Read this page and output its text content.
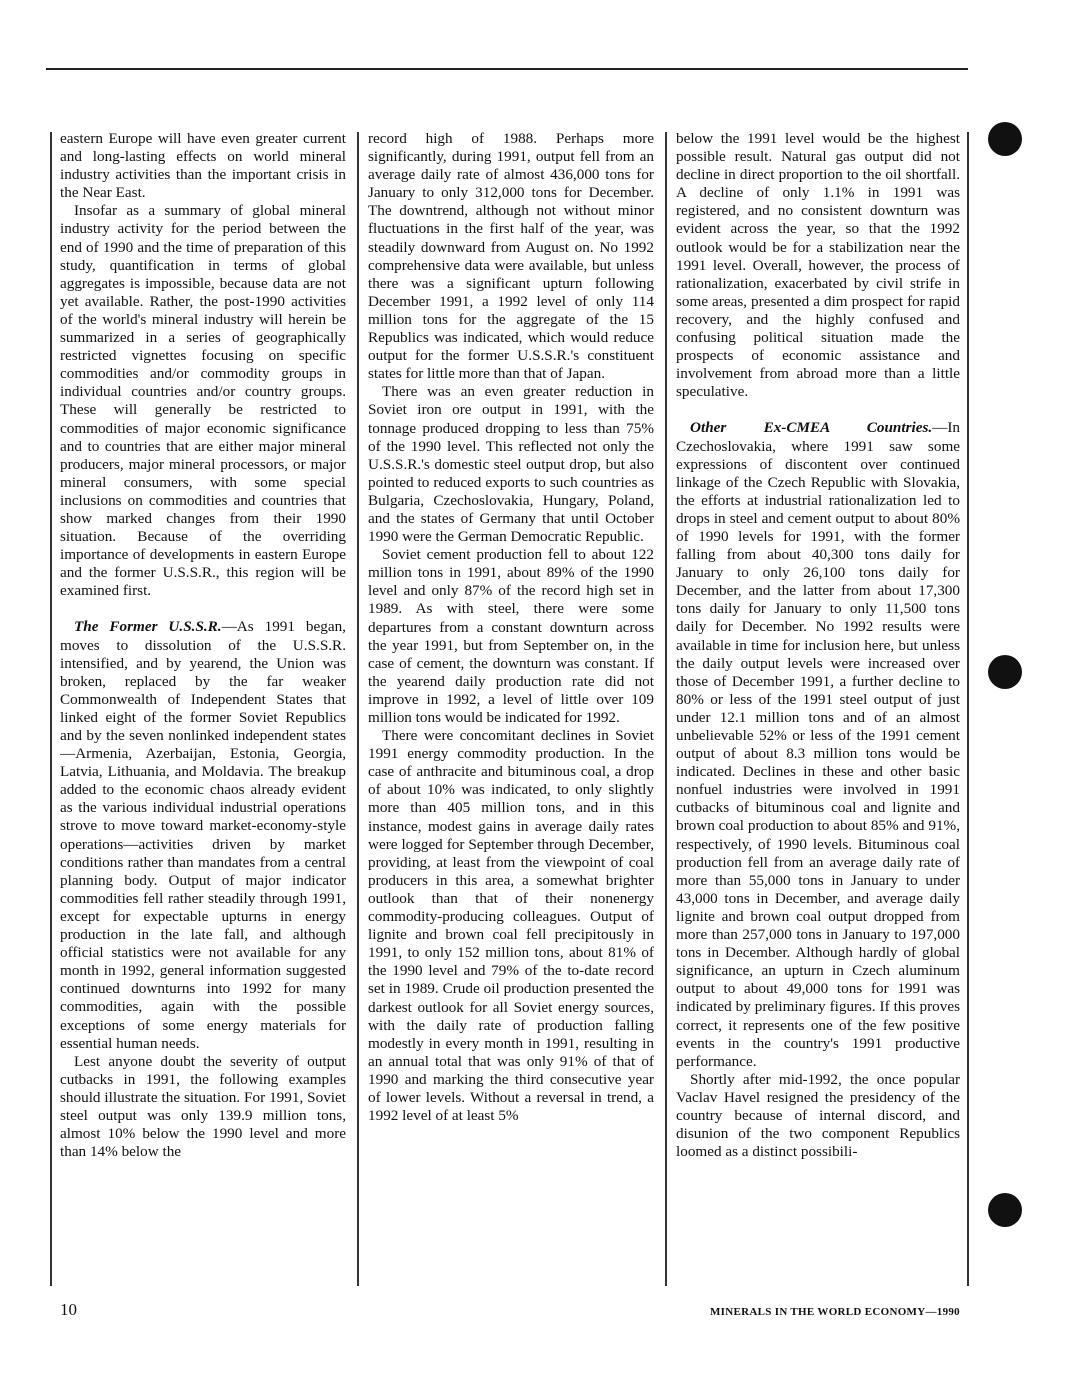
eastern Europe will have even greater current and long-lasting effects on world mineral industry activities than the important crisis in the Near East.

Insofar as a summary of global mineral industry activity for the period between the end of 1990 and the time of preparation of this study, quantification in terms of global aggregates is impossible, because data are not yet available. Rather, the post-1990 activities of the world's mineral industry will herein be summarized in a series of geographically restricted vignettes focusing on specific commodities and/or commodity groups in individual countries and/or country groups. These will generally be restricted to commodities of major economic significance and to countries that are either major mineral producers, major mineral processors, or major mineral consumers, with some special inclusions on commodities and countries that show marked changes from their 1990 situation. Because of the overriding importance of developments in eastern Europe and the former U.S.S.R., this region will be examined first.

The Former U.S.S.R.—As 1991 began, moves to dissolution of the U.S.S.R. intensified, and by yearend, the Union was broken, replaced by the far weaker Commonwealth of Independent States that linked eight of the former Soviet Republics and by the seven nonlinked independent states—Armenia, Azerbaijan, Estonia, Georgia, Latvia, Lithuania, and Moldavia. The breakup added to the economic chaos already evident as the various individual industrial operations strove to move toward market-economy-style operations—activities driven by market conditions rather than mandates from a central planning body. Output of major indicator commodities fell rather steadily through 1991, except for expectable upturns in energy production in the late fall, and although official statistics were not available for any month in 1992, general information suggested continued downturns into 1992 for many commodities, again with the possible exceptions of some energy materials for essential human needs.

Lest anyone doubt the severity of output cutbacks in 1991, the following examples should illustrate the situation. For 1991, Soviet steel output was only 139.9 million tons, almost 10% below the 1990 level and more than 14% below the

record high of 1988. Perhaps more significantly, during 1991, output fell from an average daily rate of almost 436,000 tons for January to only 312,000 tons for December. The downtrend, although not without minor fluctuations in the first half of the year, was steadily downward from August on. No 1992 comprehensive data were available, but unless there was a significant upturn following December 1991, a 1992 level of only 114 million tons for the aggregate of the 15 Republics was indicated, which would reduce output for the former U.S.S.R.'s constituent states for little more than that of Japan.

There was an even greater reduction in Soviet iron ore output in 1991, with the tonnage produced dropping to less than 75% of the 1990 level. This reflected not only the U.S.S.R.'s domestic steel output drop, but also pointed to reduced exports to such countries as Bulgaria, Czechoslovakia, Hungary, Poland, and the states of Germany that until October 1990 were the German Democratic Republic.

Soviet cement production fell to about 122 million tons in 1991, about 89% of the 1990 level and only 87% of the record high set in 1989. As with steel, there were some departures from a constant downturn across the year 1991, but from September on, in the case of cement, the downturn was constant. If the yearend daily production rate did not improve in 1992, a level of little over 109 million tons would be indicated for 1992.

There were concomitant declines in Soviet 1991 energy commodity production. In the case of anthracite and bituminous coal, a drop of about 10% was indicated, to only slightly more than 405 million tons, and in this instance, modest gains in average daily rates were logged for September through December, providing, at least from the viewpoint of coal producers in this area, a somewhat brighter outlook than that of their nonenergy commodity-producing colleagues. Output of lignite and brown coal fell precipitously in 1991, to only 152 million tons, about 81% of the 1990 level and 79% of the to-date record set in 1989. Crude oil production presented the darkest outlook for all Soviet energy sources, with the daily rate of production falling modestly in every month in 1991, resulting in an annual total that was only 91% of that of 1990 and marking the third consecutive year of lower levels. Without a reversal in trend, a 1992 level of at least 5%

below the 1991 level would be the highest possible result. Natural gas output did not decline in direct proportion to the oil shortfall. A decline of only 1.1% in 1991 was registered, and no consistent downturn was evident across the year, so that the 1992 outlook would be for a stabilization near the 1991 level. Overall, however, the process of rationalization, exacerbated by civil strife in some areas, presented a dim prospect for rapid recovery, and the highly confused and confusing political situation made the prospects of economic assistance and involvement from abroad more than a little speculative.

Other Ex-CMEA Countries.—In Czechoslovakia, where 1991 saw some expressions of discontent over continued linkage of the Czech Republic with Slovakia, the efforts at industrial rationalization led to drops in steel and cement output to about 80% of 1990 levels for 1991, with the former falling from about 40,300 tons daily for January to only 26,100 tons daily for December, and the latter from about 17,300 tons daily for January to only 11,500 tons daily for December. No 1992 results were available in time for inclusion here, but unless the daily output levels were increased over those of December 1991, a further decline to 80% or less of the 1991 steel output of just under 12.1 million tons and of an almost unbelievable 52% or less of the 1991 cement output of about 8.3 million tons would be indicated. Declines in these and other basic nonfuel industries were involved in 1991 cutbacks of bituminous coal and lignite and brown coal production to about 85% and 91%, respectively, of 1990 levels. Bituminous coal production fell from an average daily rate of more than 55,000 tons in January to under 43,000 tons in December, and average daily lignite and brown coal output dropped from more than 257,000 tons in January to 197,000 tons in December. Although hardly of global significance, an upturn in Czech aluminum output to about 49,000 tons for 1991 was indicated by preliminary figures. If this proves correct, it represents one of the few positive events in the country's 1991 productive performance.

Shortly after mid-1992, the once popular Vaclav Havel resigned the presidency of the country because of internal discord, and disunion of the two component Republics loomed as a distinct possibili-

10	MINERALS IN THE WORLD ECONOMY—1990
